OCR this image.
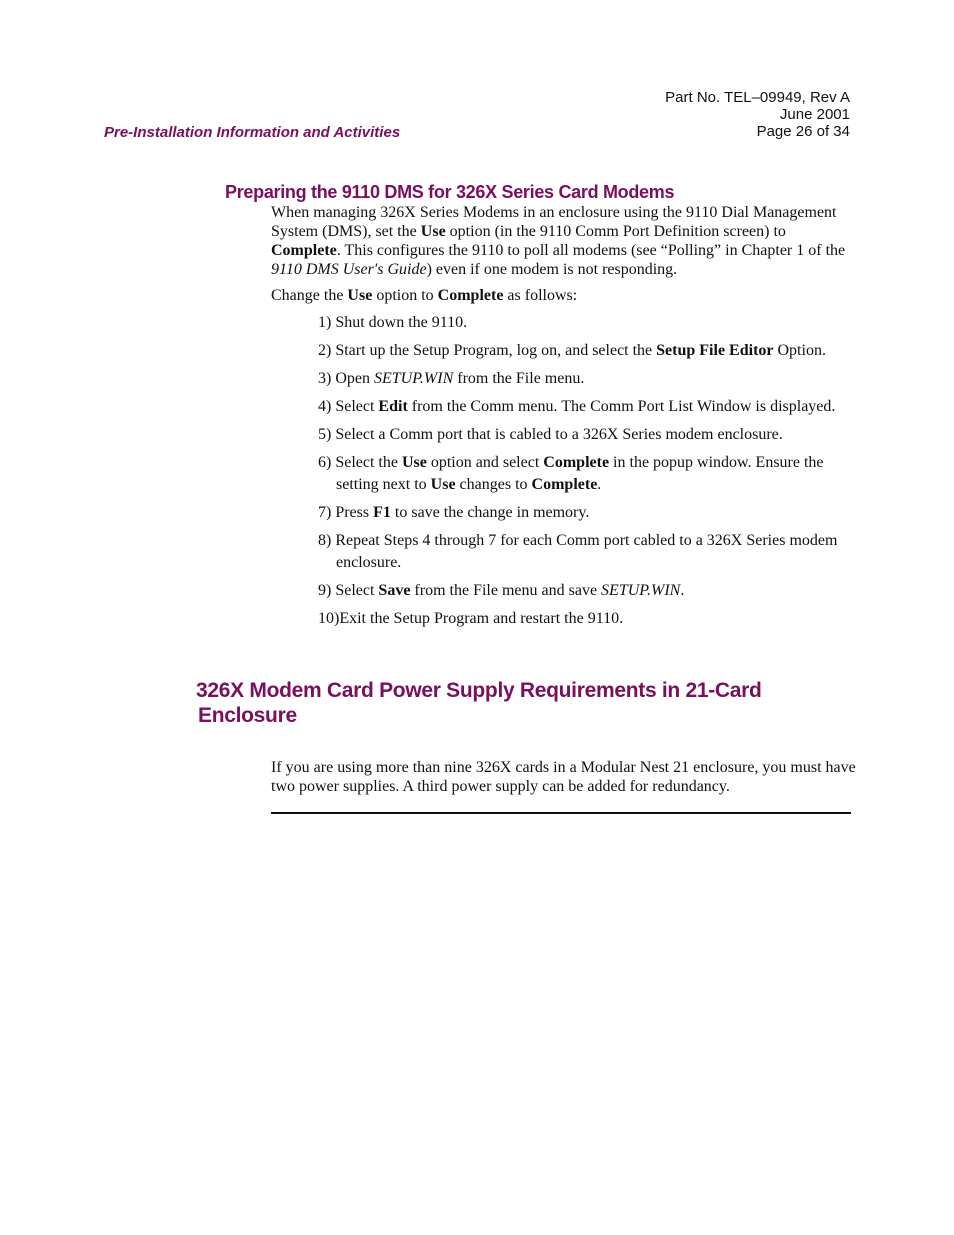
Part No. TEL–09949, Rev A
June 2001
Page 26 of 34
Pre-Installation Information and Activities
Preparing the 9110 DMS for 326X Series Card Modems

When managing 326X Series Modems in an enclosure using the 9110 Dial Management System (DMS), set the Use option (in the 9110 Comm Port Definition screen) to Complete. This configures the 9110 to poll all modems (see “Polling” in Chapter 1 of the 9110 DMS User's Guide) even if one modem is not responding.

Change the Use option to Complete as follows:

1) Shut down the 9110.
2) Start up the Setup Program, log on, and select the Setup File Editor Option.
3) Open SETUP.WIN from the File menu.
4) Select Edit from the Comm menu. The Comm Port List Window is displayed.
5) Select a Comm port that is cabled to a 326X Series modem enclosure.
6) Select the Use option and select Complete in the popup window. Ensure the setting next to Use changes to Complete.
7) Press F1 to save the change in memory.
8) Repeat Steps 4 through 7 for each Comm port cabled to a 326X Series modem enclosure.
9) Select Save from the File menu and save SETUP.WIN.
10)Exit the Setup Program and restart the 9110.
326X Modem Card Power Supply Requirements in 21-Card
Enclosure

If you are using more than nine 326X cards in a Modular Nest 21 enclosure, you must have two power supplies. A third power supply can be added for redundancy.
